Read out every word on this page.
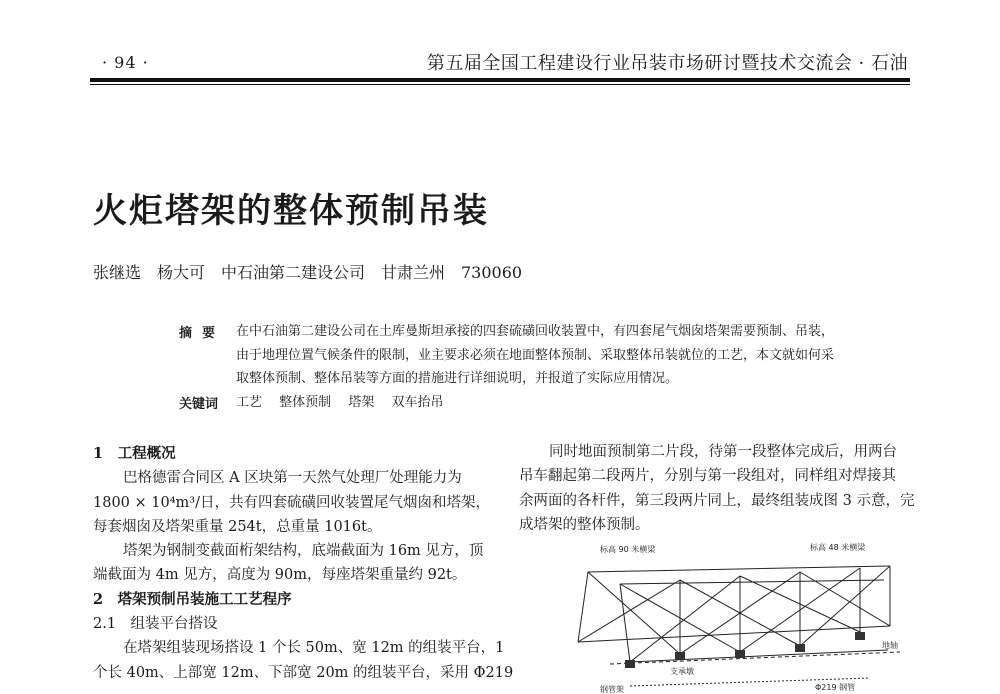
· 94 ·	第五届全国工程建设行业吊装市场研讨暨技术交流会 · 石油
火炬塔架的整体预制吊装
张继选　杨大可　中石油第二建设公司　甘肃兰州　730060
摘要 在中石油第二建设公司在土库曼斯坦承接的四套硫磺回收装置中，有四套尾气烟囱塔架需要预制、吊装，
由于地理位置气候条件的限制，业主要求必须在地面整体预制、采取整体吊装就位的工艺，本文就如何采
取整体预制、整体吊装等方面的措施进行详细说明，并报道了实际应用情况。
关键词 工艺 整体预制 塔架 双车抬吊
1　工程概况
巴格德雷合同区 A 区块第一天然气处理厂处理能力为
1800 × 10⁴m³/日，共有四套硫磺回收装置尾气烟囱和塔架，
每套烟囱及塔架重量 254t，总重量 1016t。
塔架为钢制变截面桁架结构，底端截面为 16m 见方，顶
端截面为 4m 见方，高度为 90m，每座塔架重量约 92t。
2　塔架预制吊装施工工艺程序
2.1　组装平台搭设
在塔架组装现场搭设 1 个长 50m、宽 12m 的组装平台，1
个长 40m、上部宽 12m、下部宽 20m 的组装平台，采用 Φ219
同时地面预制第二片段，待第一段整体完成后，用两台
吊车翻起第二段两片，分别与第一段组对，同样组对焊接其
余两面的各杆件，第三段两片同上，最终组装成图 3 示意，完
成塔架的整体预制。
标高 90 米横梁	标高 48 米横梁
支承墩
地轴
Φ219 钢管
钢管架
